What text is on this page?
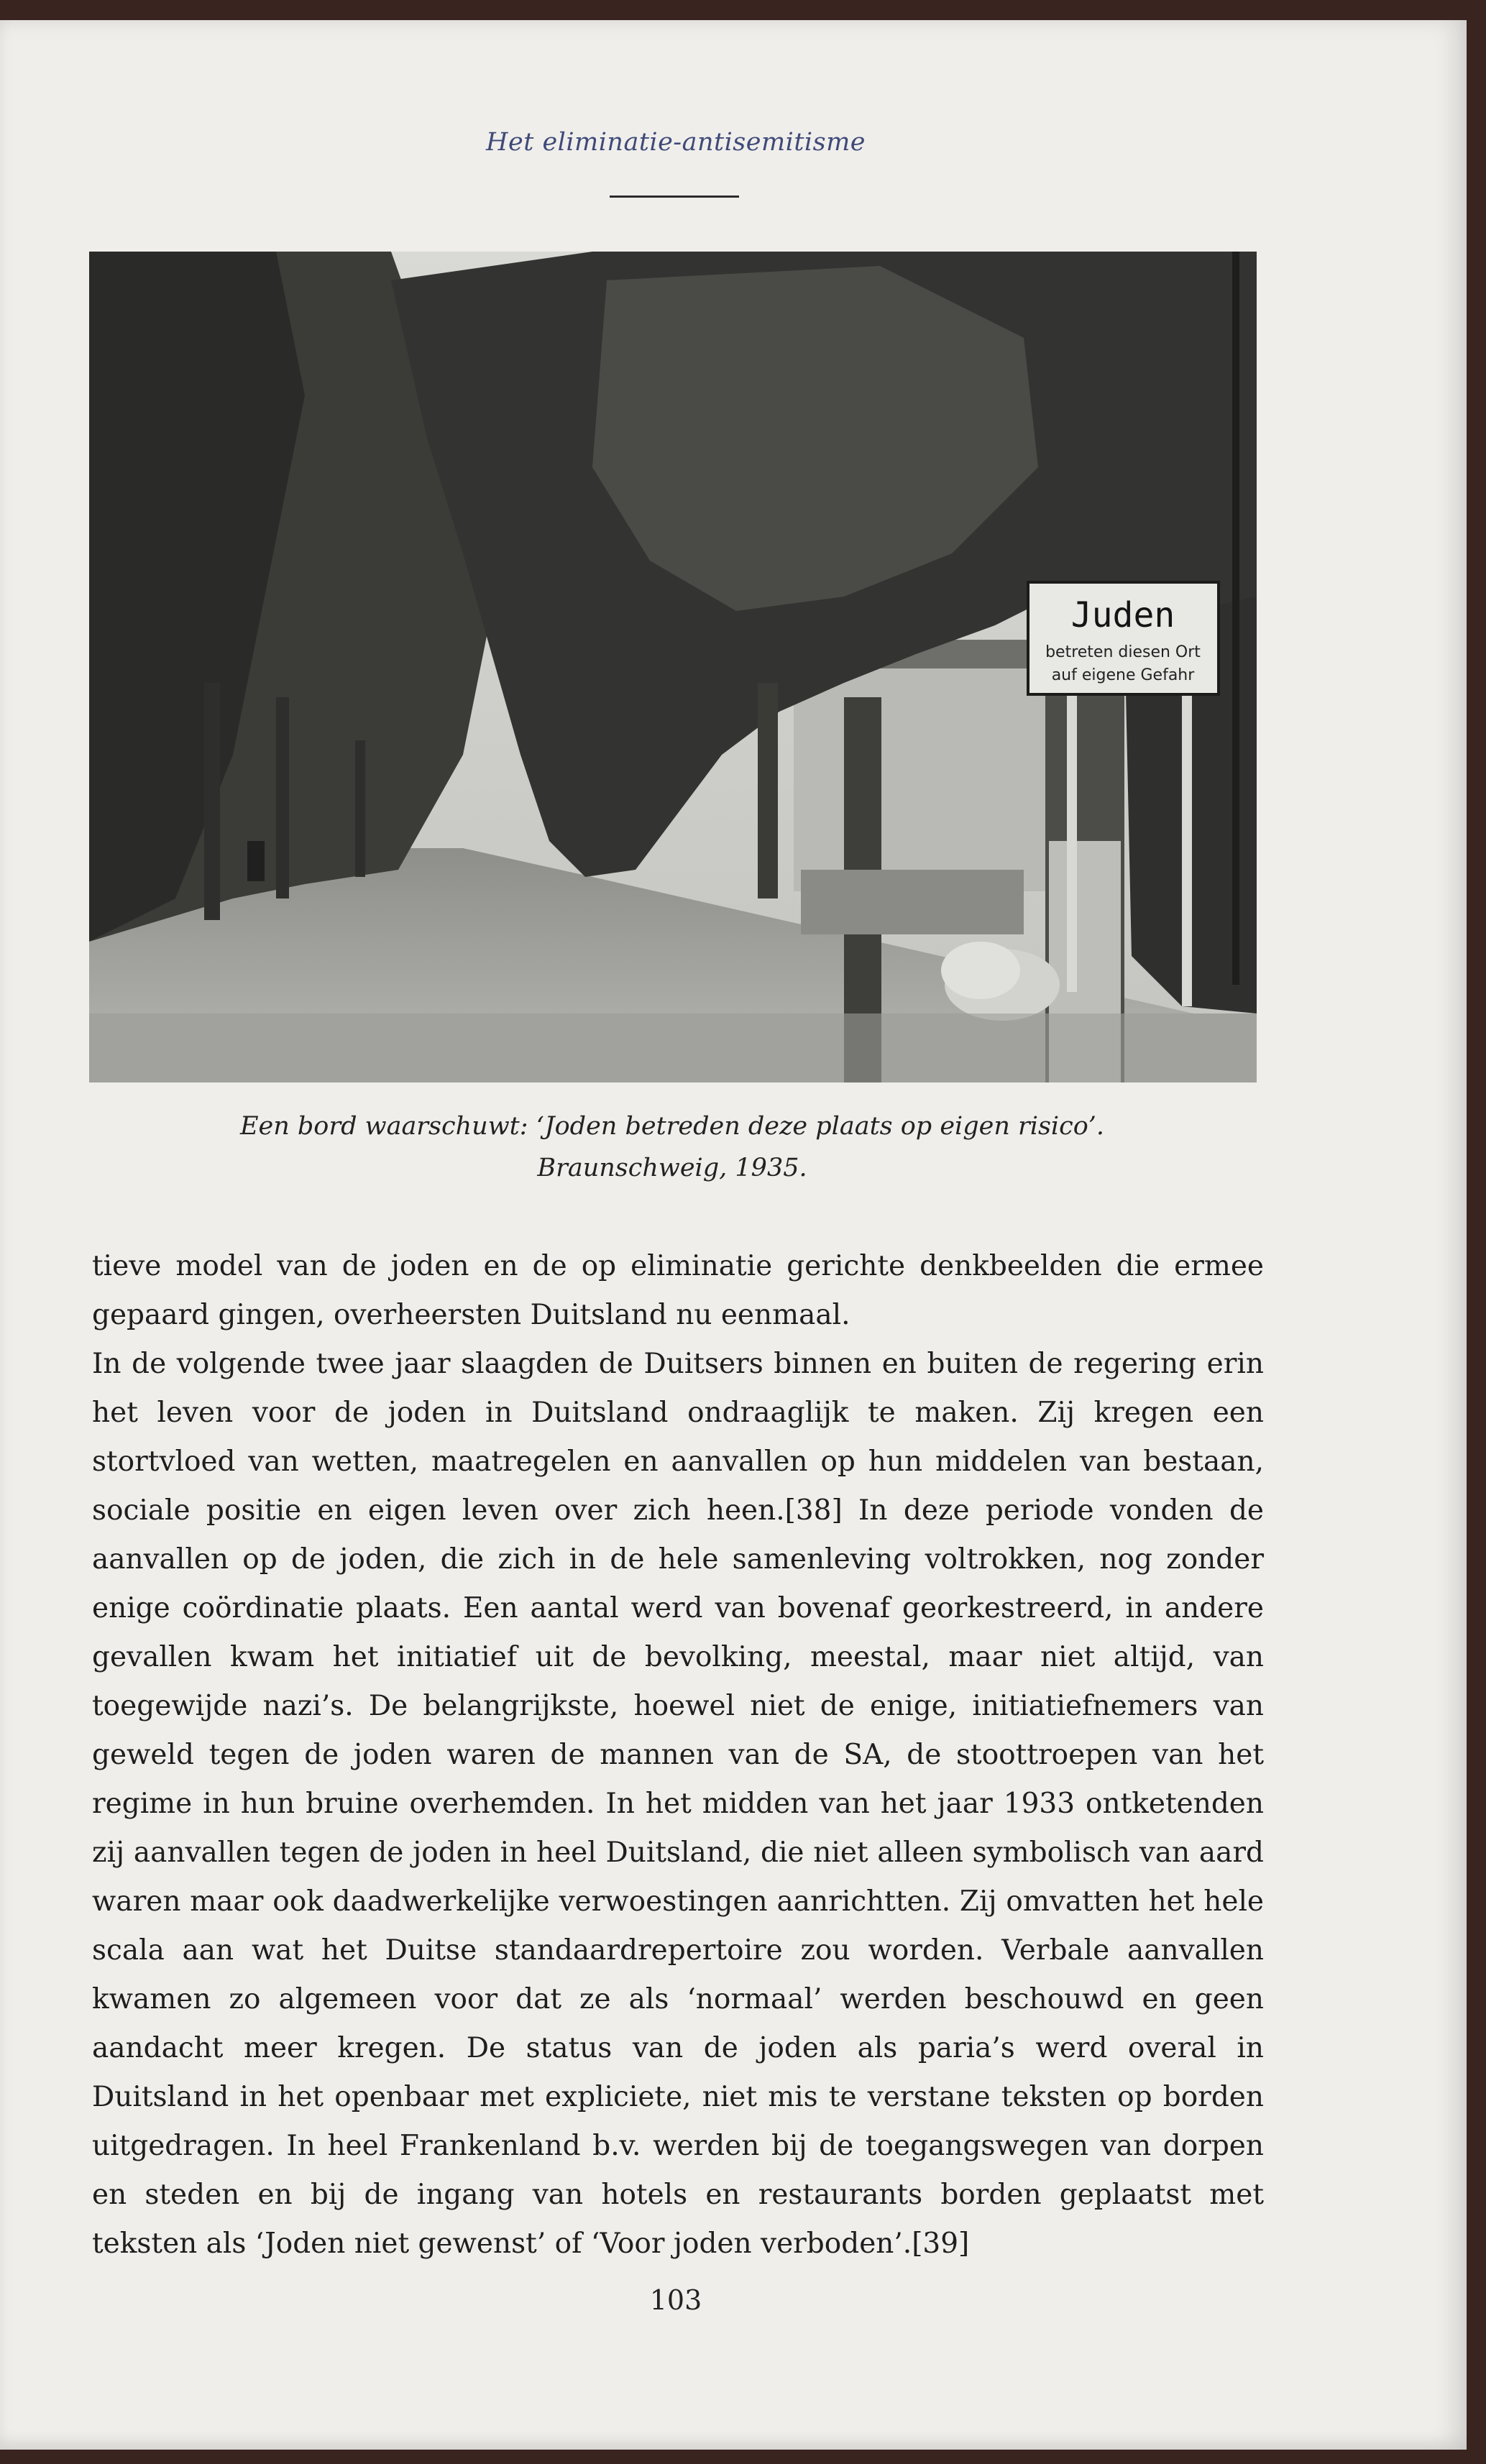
Het eliminatie-antisemitisme
Juden
betreten diesen Ort
auf eigene Gefahr
Een bord waarschuwt: ‘Joden betreden deze plaats op eigen risico’.
Braunschweig, 1935.

tieve model van de joden en de op eliminatie gerichte denkbeelden die ermee gepaard gingen, overheersten Duitsland nu eenmaal.

In de volgende twee jaar slaagden de Duitsers binnen en buiten de regering erin het leven voor de joden in Duitsland ondraaglijk te maken. Zij kregen een stortvloed van wetten, maatregelen en aanvallen op hun middelen van bestaan, sociale positie en eigen leven over zich heen.[38] In deze periode vonden de aanvallen op de joden, die zich in de hele samenleving voltrokken, nog zonder enige coördinatie plaats. Een aantal werd van bovenaf georkestreerd, in andere gevallen kwam het initiatief uit de bevolking, meestal, maar niet altijd, van toegewijde nazi’s. De belangrijkste, hoewel niet de enige, initiatiefnemers van geweld tegen de joden waren de mannen van de SA, de stoottroepen van het regime in hun bruine overhemden. In het midden van het jaar 1933 ontketenden zij aanvallen tegen de joden in heel Duitsland, die niet alleen symbolisch van aard waren maar ook daadwerkelijke verwoestingen aanrichtten. Zij omvatten het hele scala aan wat het Duitse standaardrepertoire zou worden. Verbale aanvallen kwamen zo algemeen voor dat ze als ‘normaal’ werden beschouwd en geen aandacht meer kregen. De status van de joden als paria’s werd overal in Duitsland in het openbaar met expliciete, niet mis te verstane teksten op borden uitgedragen. In heel Frankenland b.v. werden bij de toegangswegen van dorpen en steden en bij de ingang van hotels en restaurants borden geplaatst met teksten als ‘Joden niet gewenst’ of ‘Voor joden verboden’.[39]

103
